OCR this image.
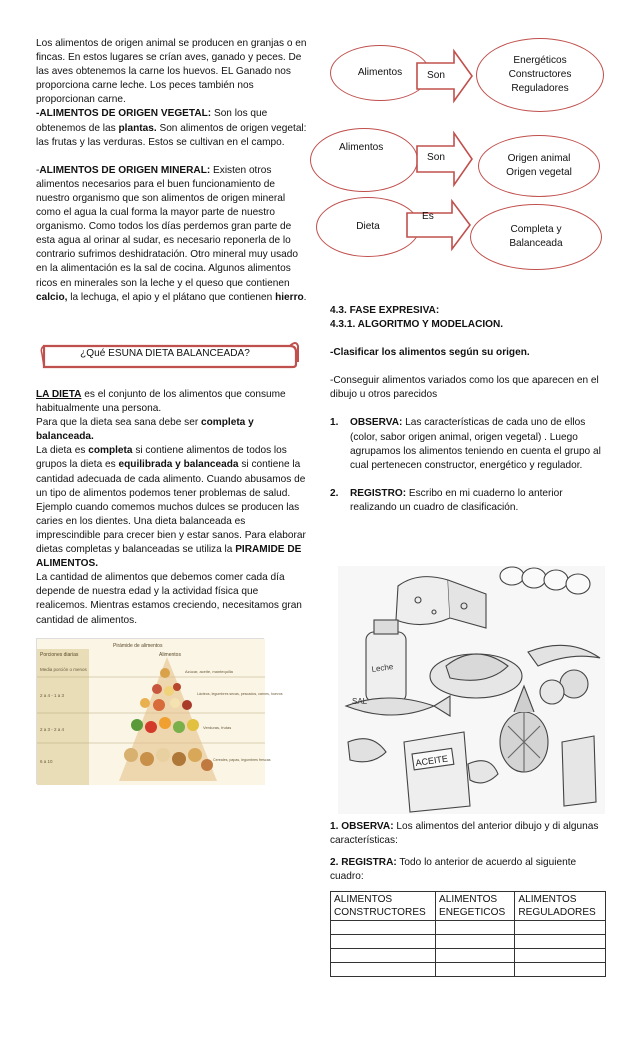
Los alimentos de origen animal se producen en granjas o en fincas. En estos lugares se crían aves, ganado y peces. De las aves obtenemos la carne los huevos. EL Ganado nos proporciona carne leche. Los peces también nos proporcionan carne.

-ALIMENTOS DE ORIGEN VEGETAL: Son los que obtenemos de las plantas. Son alimentos de origen vegetal: las frutas y las verduras. Estos se cultivan en el campo.

-ALIMENTOS DE ORIGEN MINERAL: Existen otros alimentos necesarios para el buen funcionamiento de nuestro organismo que son alimentos de origen mineral como el agua la cual forma la mayor parte de nuestro organismo. Como todos los días perdemos gran parte de esta agua al orinar al sudar, es necesario reponerla de lo contrario sufrimos deshidratación. Otro mineral muy usado en la alimentación es la sal de cocina. Algunos alimentos ricos en minerales son la leche y el queso que contienen calcio, la lechuga, el apio y el plátano que contienen hierro.

¿Qué ESUNA DIETA BALANCEADA?

LA DIETA es el conjunto de los alimentos que consume habitualmente una persona.

Para que la dieta sea sana debe ser completa y balanceada.

La dieta es completa si contiene alimentos de todos los grupos la dieta es equilibrada y balanceada si contiene la cantidad adecuada de cada alimento. Cuando abusamos de un tipo de alimentos podemos tener problemas de salud. Ejemplo cuando comemos muchos dulces se producen las caries en los dientes. Una dieta balanceada es imprescindible para crecer bien y estar sanos. Para elaborar dietas completas y balanceadas se utiliza la PIRAMIDE DE ALIMENTOS.

La cantidad de alimentos que debemos comer cada día depende de nuestra edad y la actividad física que realicemos. Mientras estamos creciendo, necesitamos gran cantidad de alimentos.

Pirámide de alimentos
Porciones diarias	Alimentos
Media porción o menos	Azúcar, aceite, mantequilla
2 a 4 - 1 a 3	Lácteos, legumbres secas, pescados, carnes, huevos
2 a 3 - 2 a 4	Verduras, frutas
6 a 10	Cereales, papas, legumbres frescas
Alimentos Son
Energéticos
Constructores
Reguladores
Alimentos
Son	Origen animal
Origen vegetal
Dieta
Es
Completa y
Balanceada

4.3. FASE EXPRESIVA:

4.3.1. ALGORITMO Y MODELACION.

-Clasificar los alimentos según su origen.

-Conseguir alimentos variados como los que aparecen en el dibujo u otros parecidos

1.	OBSERVA: Las características de cada uno de ellos (color, sabor origen animal, origen vegetal) . Luego agrupamos los alimentos teniendo en cuenta el grupo al cual pertenecen constructor, energético y regulador.

2.	REGISTRO: Escribo en mi cuaderno lo anterior realizando un cuadro de clasificación.

Leche
SAL
ACEITE

1. OBSERVA: Los alimentos del anterior dibujo y di algunas características:

2. REGISTRA: Todo lo anterior de acuerdo al siguiente cuadro:

ALIMENTOS CONSTRUCTORES	ALIMENTOS ENEGETICOS	ALIMENTOS REGULADORES
